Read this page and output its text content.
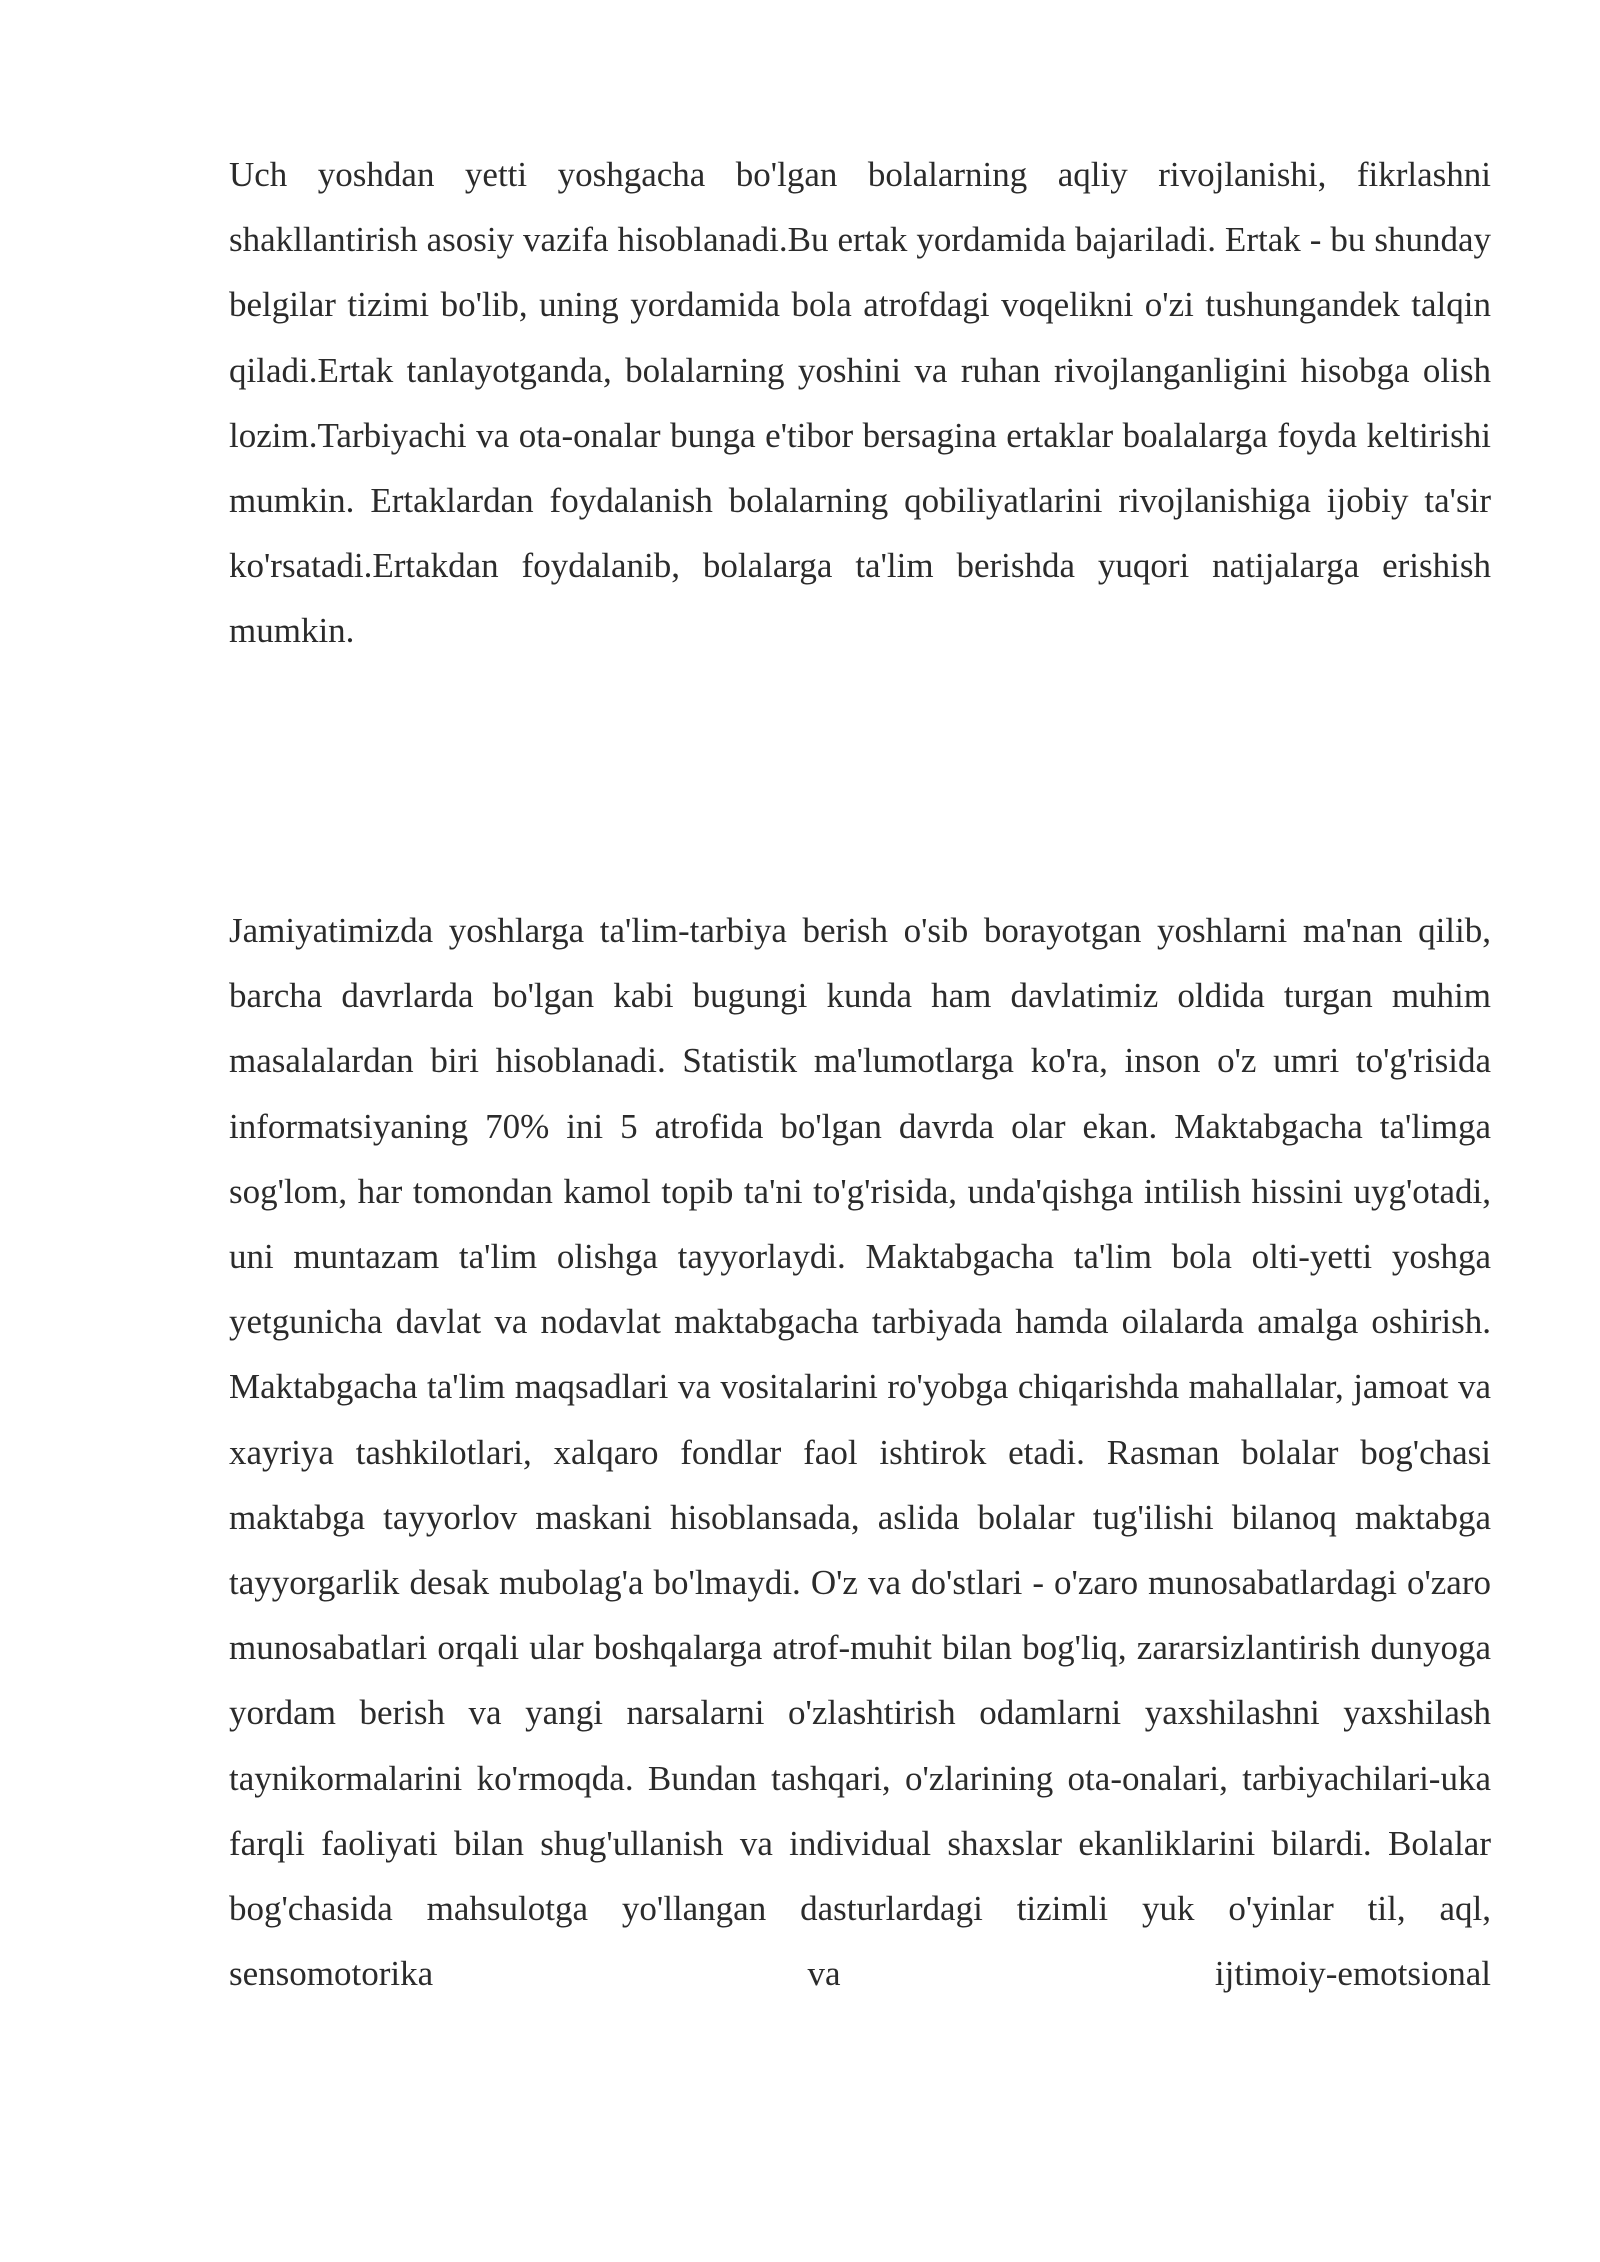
Uch yoshdan yetti yoshgacha bo'lgan bolalarning aqliy rivojlanishi, fikrlashni shakllantirish asosiy vazifa hisoblanadi.Bu ertak yordamida bajariladi. Ertak - bu shunday belgilar tizimi bo'lib, uning yordamida bola atrofdagi voqelikni o'zi tushungandek talqin qiladi.Ertak tanlayotganda, bolalarning yoshini va ruhan rivojlanganligini hisobga olish lozim.Tarbiyachi va ota-onalar bunga e'tibor bersagina ertaklar boalalarga foyda keltirishi mumkin. Ertaklardan foydalanish bolalarning qobiliyatlarini rivojlanishiga ijobiy ta'sir ko'rsatadi.Ertakdan foydalanib, bolalarga ta'lim berishda yuqori natijalarga erishish mumkin.

Jamiyatimizda yoshlarga ta'lim-tarbiya berish o'sib borayotgan yoshlarni ma'nan qilib, barcha davrlarda bo'lgan kabi bugungi kunda ham davlatimiz oldida turgan muhim masalalardan biri hisoblanadi. Statistik ma'lumotlarga ko'ra, inson o'z umri to'g'risida informatsiyaning 70% ini 5 atrofida bo'lgan davrda olar ekan. Maktabgacha ta'limga sog'lom, har tomondan kamol topib ta'ni to'g'risida, unda'qishga intilish hissini uyg'otadi, uni muntazam ta'lim olishga tayyorlaydi. Maktabgacha ta'lim bola olti-yetti yoshga yetgunicha davlat va nodavlat maktabgacha tarbiyada hamda oilalarda amalga oshirish. Maktabgacha ta'lim maqsadlari va vositalarini ro'yobga chiqarishda mahallalar, jamoat va xayriya tashkilotlari, xalqaro fondlar faol ishtirok etadi. Rasman bolalar bog'chasi maktabga tayyorlov maskani hisoblansada, aslida bolalar tug'ilishi bilanoq maktabga tayyorgarlik desak mubolag'a bo'lmaydi. O'z va do'stlari - o'zaro munosabatlardagi o'zaro munosabatlari orqali ular boshqalarga atrof-muhit bilan bog'liq, zararsizlantirish dunyoga yordam berish va yangi narsalarni o'zlashtirish odamlarni yaxshilashni yaxshilash taynikormalarini ko'rmoqda. Bundan tashqari, o'zlarining ota-onalari, tarbiyachilari-uka farqli faoliyati bilan shug'ullanish va individual shaxslar ekanliklarini bilardi. Bolalar bog'chasida mahsulotga yo'llangan dasturlardagi tizimli yuk o'yinlar til, aql, sensomotorika va ijtimoiy-emotsional
